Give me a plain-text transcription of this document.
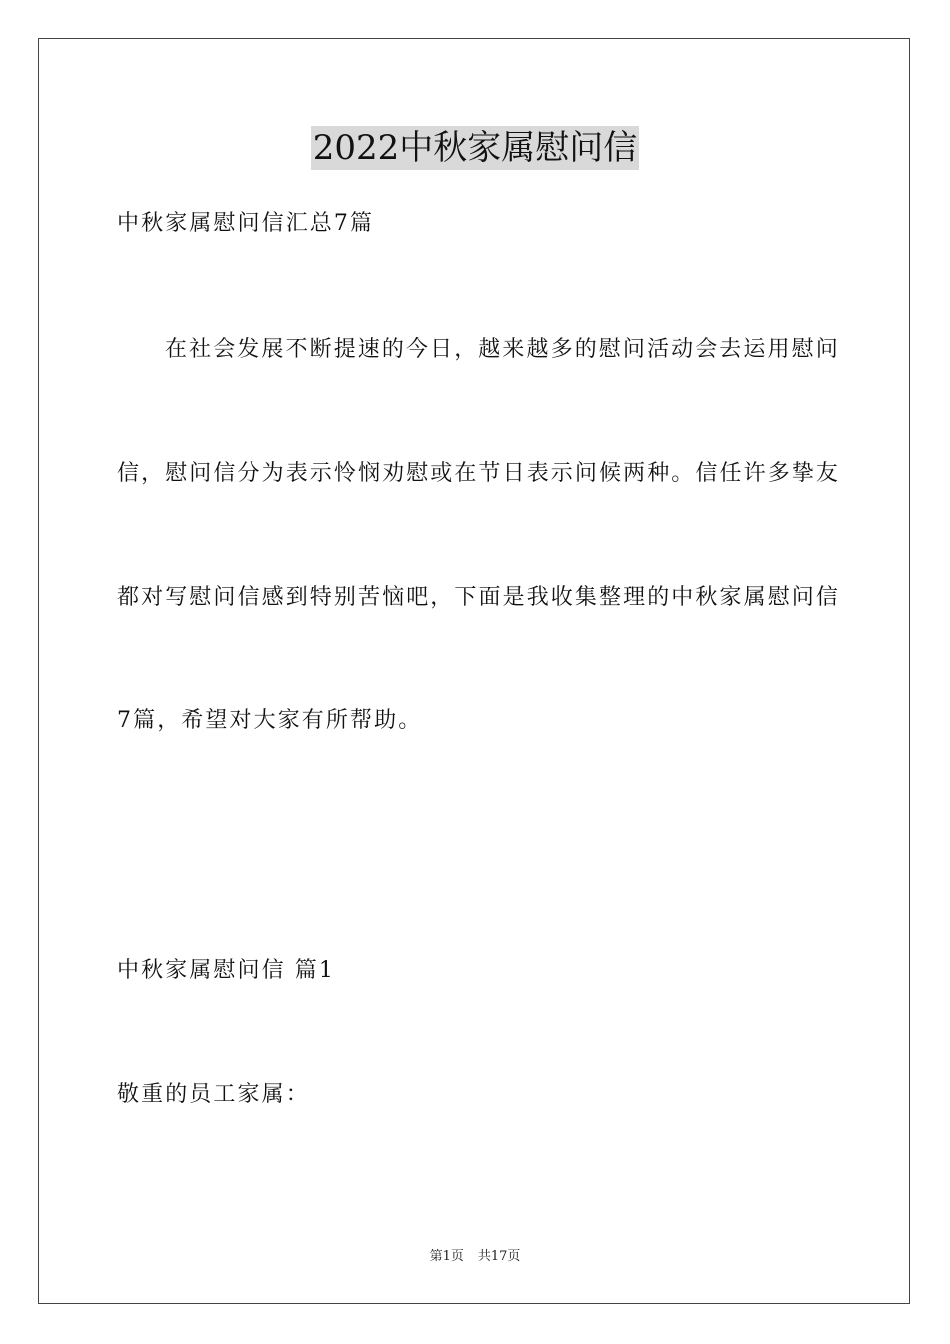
2022中秋家属慰问信
中秋家属慰问信汇总7篇
在社会发展不断提速的今日，越来越多的慰问活动会去运用慰问
信，慰问信分为表示怜悯劝慰或在节日表示问候两种。信任许多挚友
都对写慰问信感到特别苦恼吧，下面是我收集整理的中秋家属慰问信
7篇，希望对大家有所帮助。
中秋家属慰问信 篇1
敬重的员工家属：
第1页 共17页
